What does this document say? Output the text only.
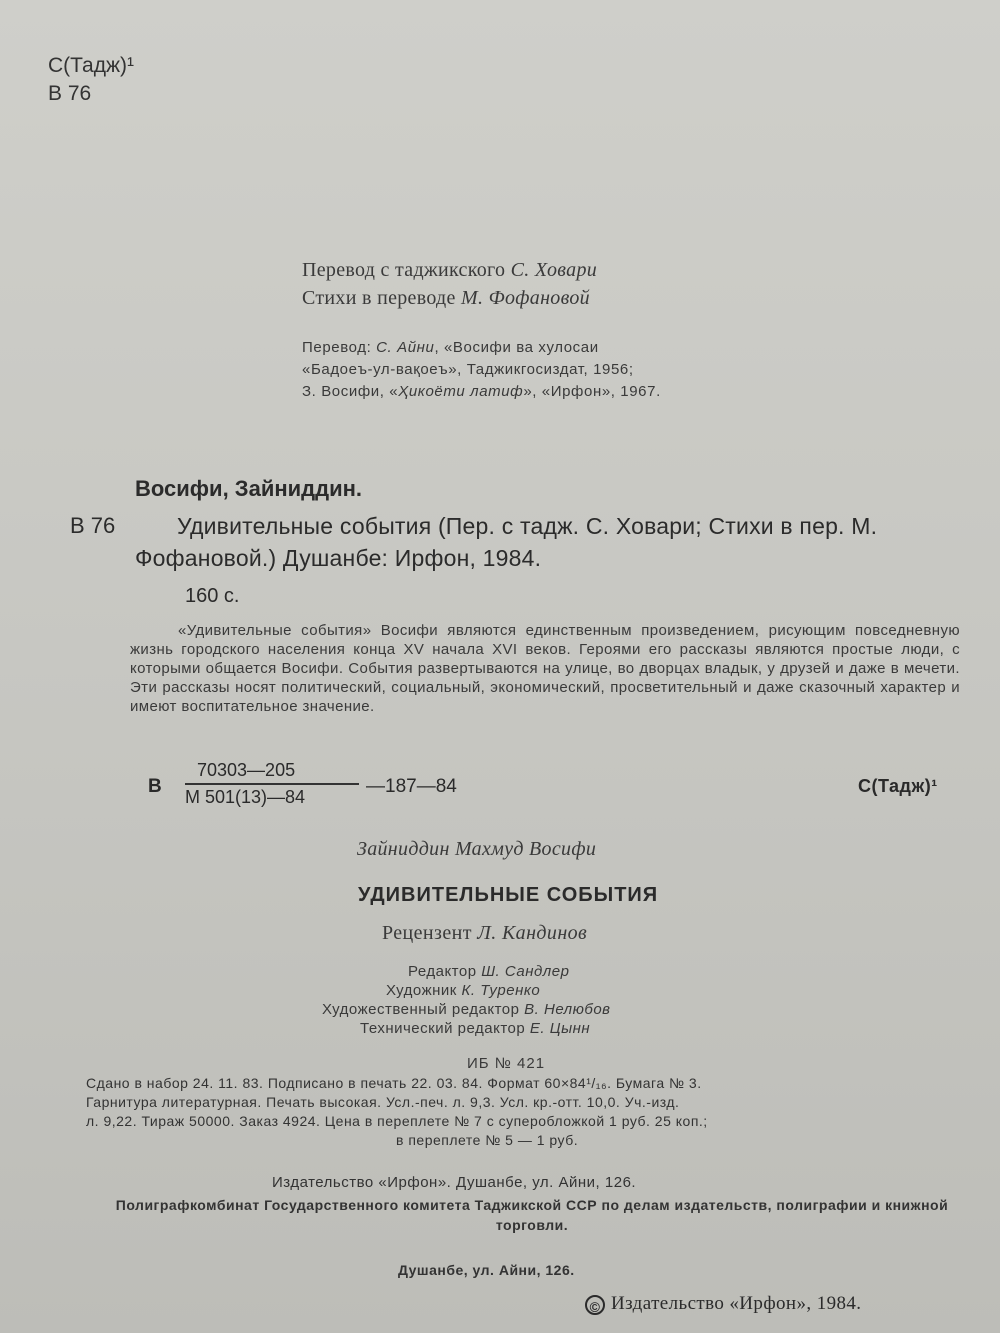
С(Тадж)¹
В 76
Перевод с таджикского С. Ховари
Стихи в переводе М. Фофановой
Перевод: С. Айни, «Восифи ва хулосаи
«Бадоеъ-ул-вақоеъ», Таджикгосиздат, 1956;
З. Восифи, «Ҳикоёти латиф», «Ирфон», 1967.
Восифи, Зайниддин.
В 76	Удивительные события (Пер. с тадж. С. Ховари; Стихи в пер. М. Фофановой.) Душанбе: Ирфон, 1984.
160 с.

«Удивительные события» Восифи являются единственным произведением, рисующим повседневную жизнь городского населения конца XV начала XVI веков. Героями его рассказы являются простые люди, с которыми общается Восифи. События развертываются на улице, во дворцах владык, у друзей и даже в мечети. Эти рассказы носят политический, социальный, экономический, просветительный и даже сказочный характер и имеют воспитательное значение.

В
70303—205
М 501(13)—84	—187—84	С(Тадж)¹
Зайниддин Махмуд Восифи
УДИВИТЕЛЬНЫЕ СОБЫТИЯ
Рецензент Л. Кандинов
Редактор Ш. Сандлер
Художник К. Туренко
Художественный редактор В. Нелюбов
Технический редактор Е. Цынн
ИБ № 421

Сдано в набор 24. 11. 83. Подписано в печать 22. 03. 84. Формат 60×84¹/₁₆. Бумага № 3.

Гарнитура литературная. Печать высокая. Усл.-печ. л. 9,3. Усл. кр.-отт. 10,0. Уч.-изд.

л. 9,22. Тираж 50000. Заказ 4924. Цена в переплете № 7 с суперобложкой 1 руб. 25 коп.;

в переплете № 5 — 1 руб.

Издательство «Ирфон». Душанбе, ул. Айни, 126.
Полиграфкомбинат Государственного комитета Таджикской ССР по делам издательств, полиграфии и книжной торговли.
Душанбе, ул. Айни, 126.
© Издательство «Ирфон», 1984.
